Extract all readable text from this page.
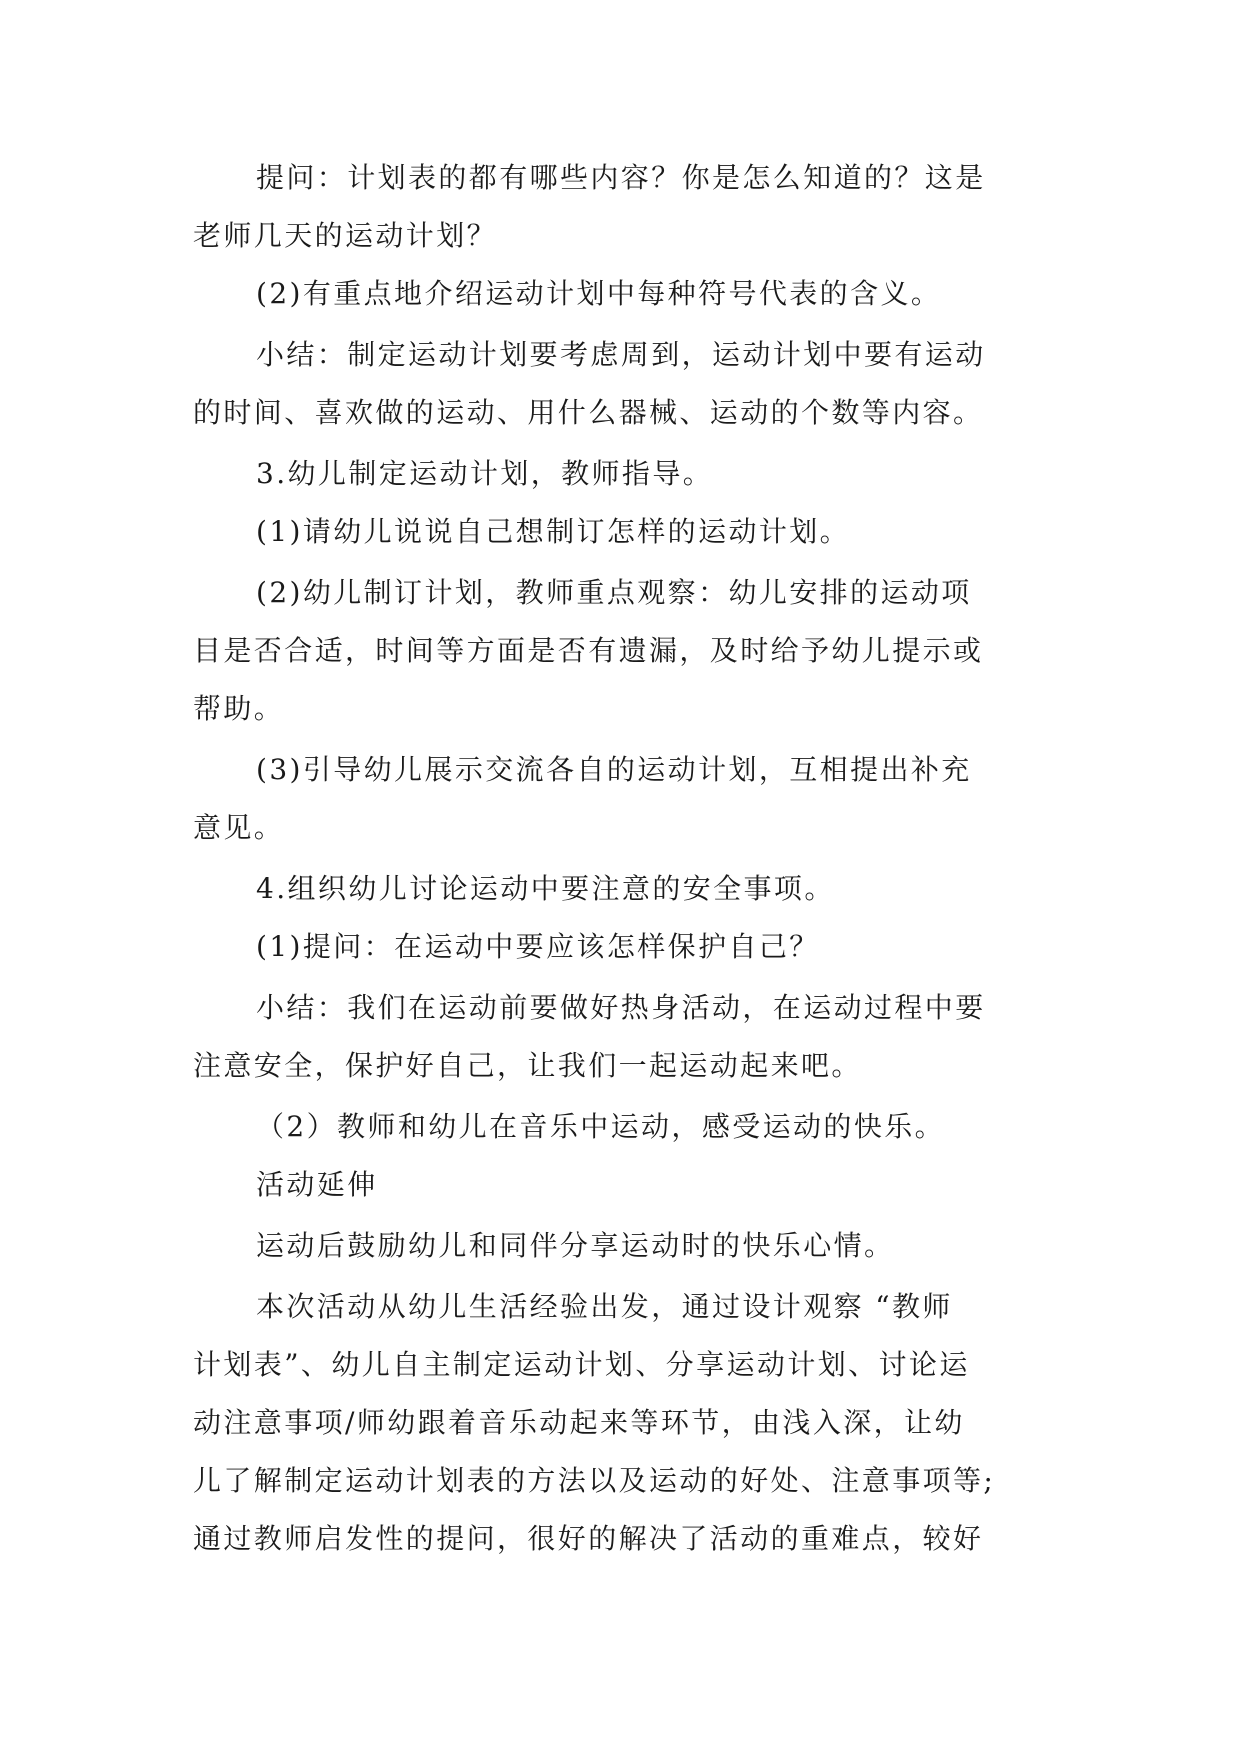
提问：计划表的都有哪些内容？你是怎么知道的？这是
老师几天的运动计划？
(2)有重点地介绍运动计划中每种符号代表的含义。
小结：制定运动计划要考虑周到，运动计划中要有运动
的时间、喜欢做的运动、用什么器械、运动的个数等内容。
3.幼儿制定运动计划，教师指导。
(1)请幼儿说说自己想制订怎样的运动计划。
(2)幼儿制订计划，教师重点观察：幼儿安排的运动项
目是否合适，时间等方面是否有遗漏，及时给予幼儿提示或
帮助。
(3)引导幼儿展示交流各自的运动计划，互相提出补充
意见。
4.组织幼儿讨论运动中要注意的安全事项。
(1)提问：在运动中要应该怎样保护自己？
小结：我们在运动前要做好热身活动，在运动过程中要
注意安全，保护好自己，让我们一起运动起来吧。
（2）教师和幼儿在音乐中运动，感受运动的快乐。
活动延伸
运动后鼓励幼儿和同伴分享运动时的快乐心情。
本次活动从幼儿生活经验出发，通过设计观察 “教师
计划表”、幼儿自主制定运动计划、分享运动计划、讨论运
动注意事项/师幼跟着音乐动起来等环节，由浅入深，让幼
儿了解制定运动计划表的方法以及运动的好处、注意事项等;
通过教师启发性的提问，很好的解决了活动的重难点，较好
